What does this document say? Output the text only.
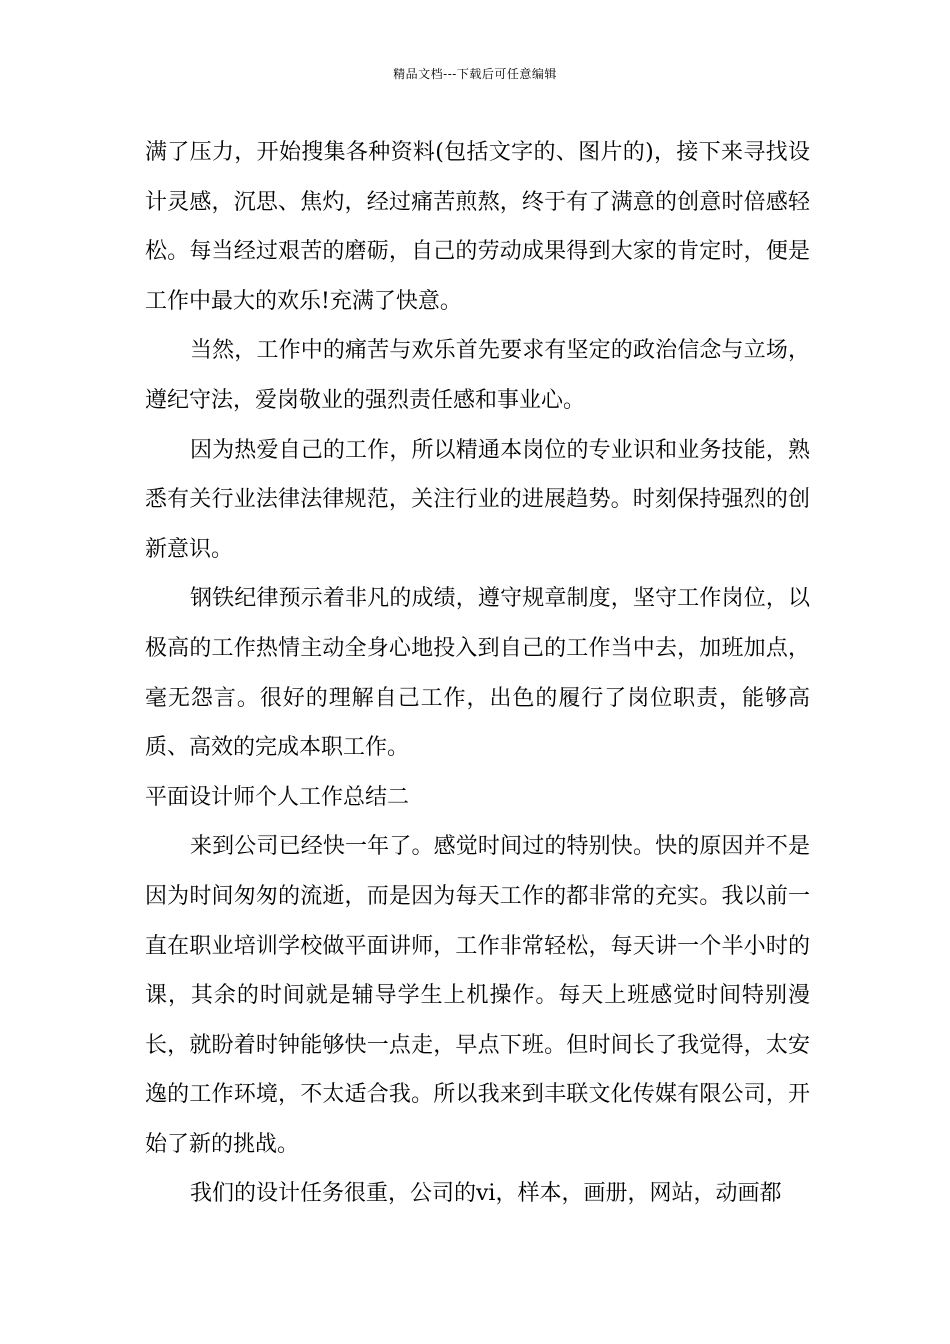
精品文档---下载后可任意编辑

满了压力，开始搜集各种资料(包括文字的、图片的)，接下来寻找设计灵感，沉思、焦灼，经过痛苦煎熬，终于有了满意的创意时倍感轻松。每当经过艰苦的磨砺，自己的劳动成果得到大家的肯定时，便是工作中最大的欢乐!充满了快意。

当然，工作中的痛苦与欢乐首先要求有坚定的政治信念与立场，遵纪守法，爱岗敬业的强烈责任感和事业心。

因为热爱自己的工作，所以精通本岗位的专业识和业务技能，熟悉有关行业法律法律规范，关注行业的进展趋势。时刻保持强烈的创新意识。

钢铁纪律预示着非凡的成绩，遵守规章制度，坚守工作岗位，以极高的工作热情主动全身心地投入到自己的工作当中去，加班加点，毫无怨言。很好的理解自己工作，出色的履行了岗位职责，能够高质、高效的完成本职工作。

平面设计师个人工作总结二

来到公司已经快一年了。感觉时间过的特别快。快的原因并不是因为时间匆匆的流逝，而是因为每天工作的都非常的充实。我以前一直在职业培训学校做平面讲师，工作非常轻松，每天讲一个半小时的课，其余的时间就是辅导学生上机操作。每天上班感觉时间特别漫长，就盼着时钟能够快一点走，早点下班。但时间长了我觉得，太安逸的工作环境，不太适合我。所以我来到丰联文化传媒有限公司，开始了新的挑战。

我们的设计任务很重，公司的vi，样本，画册，网站，动画都
